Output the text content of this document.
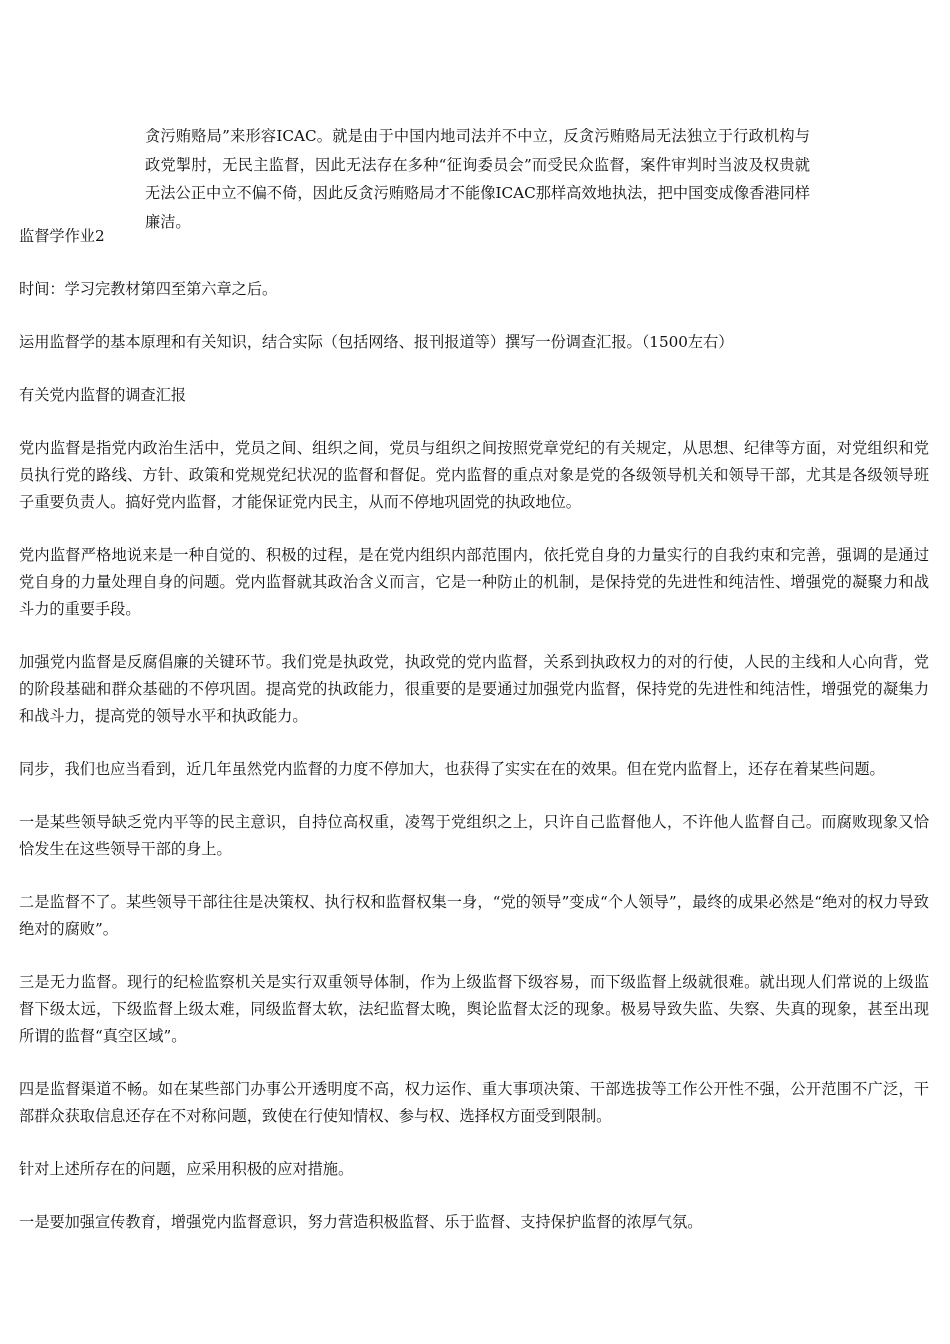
贪污贿赂局”来形容ICAC。就是由于中国内地司法并不中立，反贪污贿赂局无法独立于行政机构与政党掣肘，无民主监督，因此无法存在多种“征询委员会”而受民众监督，案件审判时当波及权贵就无法公正中立不偏不倚，因此反贪污贿赂局才不能像ICAC那样高效地执法，把中国变成像香港同样廉洁。

监督学作业2

时间：学习完教材第四至第六章之后。

运用监督学的基本原理和有关知识，结合实际（包括网络、报刊报道等）撰写一份调查汇报。（1500左右）

有关党内监督的调查汇报

党内监督是指党内政治生活中，党员之间、组织之间，党员与组织之间按照党章党纪的有关规定，从思想、纪律等方面，对党组织和党员执行党的路线、方针、政策和党规党纪状况的监督和督促。党内监督的重点对象是党的各级领导机关和领导干部，尤其是各级领导班子重要负责人。搞好党内监督，才能保证党内民主，从而不停地巩固党的执政地位。

党内监督严格地说来是一种自觉的、积极的过程，是在党内组织内部范围内，依托党自身的力量实行的自我约束和完善，强调的是通过党自身的力量处理自身的问题。党内监督就其政治含义而言，它是一种防止的机制，是保持党的先进性和纯洁性、增强党的凝聚力和战斗力的重要手段。

加强党内监督是反腐倡廉的关键环节。我们党是执政党，执政党的党内监督，关系到执政权力的对的行使，人民的主线和人心向背，党的阶段基础和群众基础的不停巩固。提高党的执政能力，很重要的是要通过加强党内监督，保持党的先进性和纯洁性，增强党的凝集力和战斗力，提高党的领导水平和执政能力。

同步，我们也应当看到，近几年虽然党内监督的力度不停加大，也获得了实实在在的效果。但在党内监督上，还存在着某些问题。

一是某些领导缺乏党内平等的民主意识，自持位高权重，凌驾于党组织之上，只许自己监督他人，不许他人监督自己。而腐败现象又恰恰发生在这些领导干部的身上。

二是监督不了。某些领导干部往往是决策权、执行权和监督权集一身，“党的领导”变成“个人领导”，最终的成果必然是“绝对的权力导致绝对的腐败”。

三是无力监督。现行的纪检监察机关是实行双重领导体制，作为上级监督下级容易，而下级监督上级就很难。就出现人们常说的上级监督下级太远，下级监督上级太难，同级监督太软，法纪监督太晚，舆论监督太泛的现象。极易导致失监、失察、失真的现象，甚至出现所谓的监督“真空区域”。

四是监督渠道不畅。如在某些部门办事公开透明度不高，权力运作、重大事项决策、干部选拔等工作公开性不强，公开范围不广泛，干部群众获取信息还存在不对称问题，致使在行使知情权、参与权、选择权方面受到限制。

针对上述所存在的问题，应采用积极的应对措施。

一是要加强宣传教育，增强党内监督意识，努力营造积极监督、乐于监督、支持保护监督的浓厚气氛。
